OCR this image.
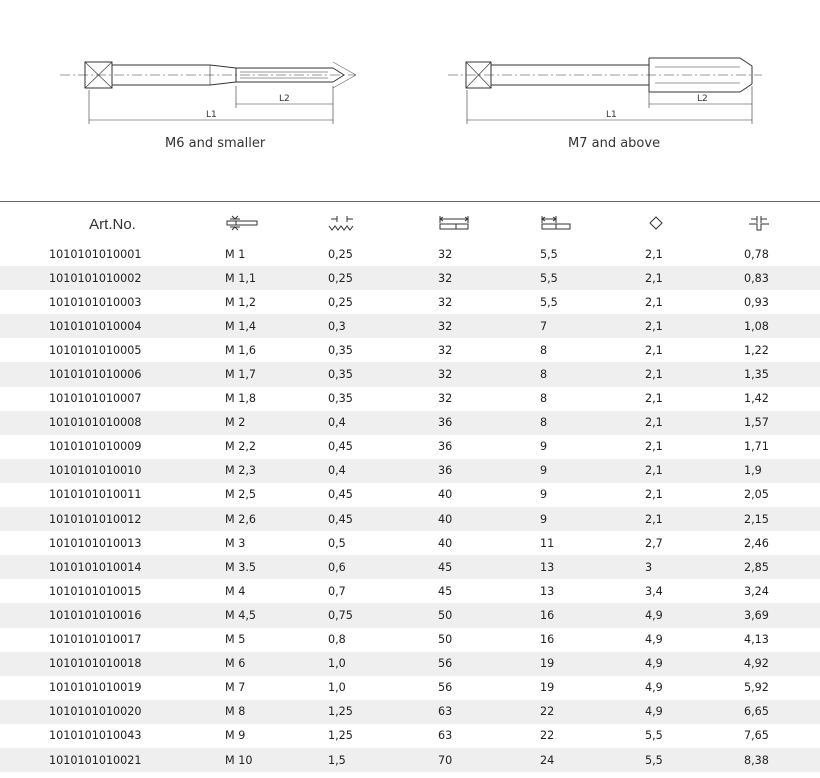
L2
L1
L2
L1
M6 and smaller	M7 and above
Art.No.						
1010101010001	M 1	0,25	32	5,5	2,1	0,78
1010101010002	M 1,1	0,25	32	5,5	2,1	0,83
1010101010003	M 1,2	0,25	32	5,5	2,1	0,93
1010101010004	M 1,4	0,3	32	7	2,1	1,08
1010101010005	M 1,6	0,35	32	8	2,1	1,22
1010101010006	M 1,7	0,35	32	8	2,1	1,35
1010101010007	M 1,8	0,35	32	8	2,1	1,42
1010101010008	M 2	0,4	36	8	2,1	1,57
1010101010009	M 2,2	0,45	36	9	2,1	1,71
1010101010010	M 2,3	0,4	36	9	2,1	1,9
1010101010011	M 2,5	0,45	40	9	2,1	2,05
1010101010012	M 2,6	0,45	40	9	2,1	2,15
1010101010013	M 3	0,5	40	11	2,7	2,46
1010101010014	M 3.5	0,6	45	13	3	2,85
1010101010015	M 4	0,7	45	13	3,4	3,24
1010101010016	M 4,5	0,75	50	16	4,9	3,69
1010101010017	M 5	0,8	50	16	4,9	4,13
1010101010018	M 6	1,0	56	19	4,9	4,92
1010101010019	M 7	1,0	56	19	4,9	5,92
1010101010020	M 8	1,25	63	22	4,9	6,65
1010101010043	M 9	1,25	63	22	5,5	7,65
1010101010021	M 10	1,5	70	24	5,5	8,38
